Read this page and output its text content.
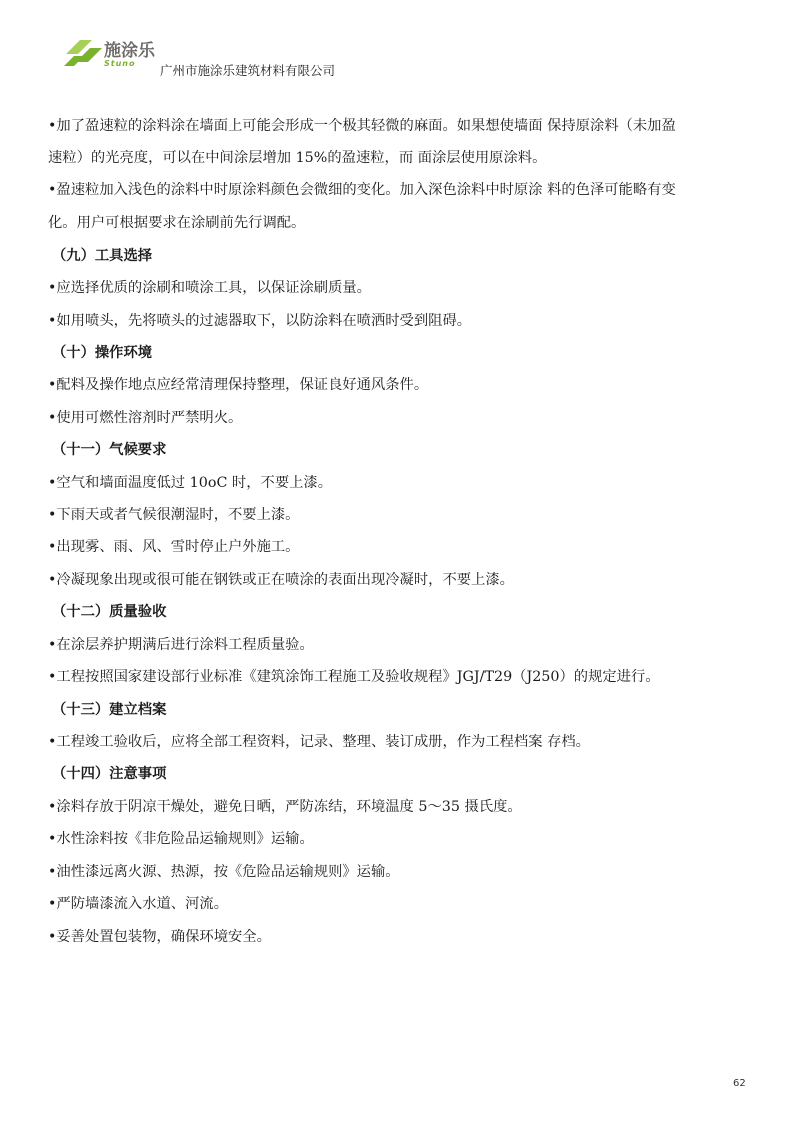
施涂乐
Stuno 广州市施涂乐建筑材料有限公司
•加了盈速粒的涂料涂在墙面上可能会形成一个极其轻微的麻面。如果想使墙面 保持原涂料（未加盈
速粒）的光亮度，可以在中间涂层增加 15%的盈速粒，而 面涂层使用原涂料。
•盈速粒加入浅色的涂料中时原涂料颜色会微细的变化。加入深色涂料中时原涂 料的色泽可能略有变
化。用户可根据要求在涂刷前先行调配。
（九）工具选择
•应选择优质的涂刷和喷涂工具，以保证涂刷质量。
•如用喷头，先将喷头的过滤器取下，以防涂料在喷洒时受到阻碍。
（十）操作环境
•配料及操作地点应经常清理保持整理，保证良好通风条件。
•使用可燃性溶剂时严禁明火。
（十一）气候要求
•空气和墙面温度低过 10oC 时，不要上漆。
•下雨天或者气候很潮湿时，不要上漆。
•出现雾、雨、风、雪时停止户外施工。
•冷凝现象出现或很可能在钢铁或正在喷涂的表面出现冷凝时，不要上漆。
（十二）质量验收
•在涂层养护期满后进行涂料工程质量验。
•工程按照国家建设部行业标准《建筑涂饰工程施工及验收规程》JGJ/T29（J250）的规定进行。
（十三）建立档案
•工程竣工验收后，应将全部工程资料，记录、整理、装订成册，作为工程档案 存档。
（十四）注意事项
•涂料存放于阴凉干燥处，避免日晒，严防冻结，环境温度 5～35 摄氏度。
•水性涂料按《非危险品运输规则》运输。
•油性漆远离火源、热源，按《危险品运输规则》运输。
•严防墙漆流入水道、河流。
•妥善处置包装物，确保环境安全。
62
